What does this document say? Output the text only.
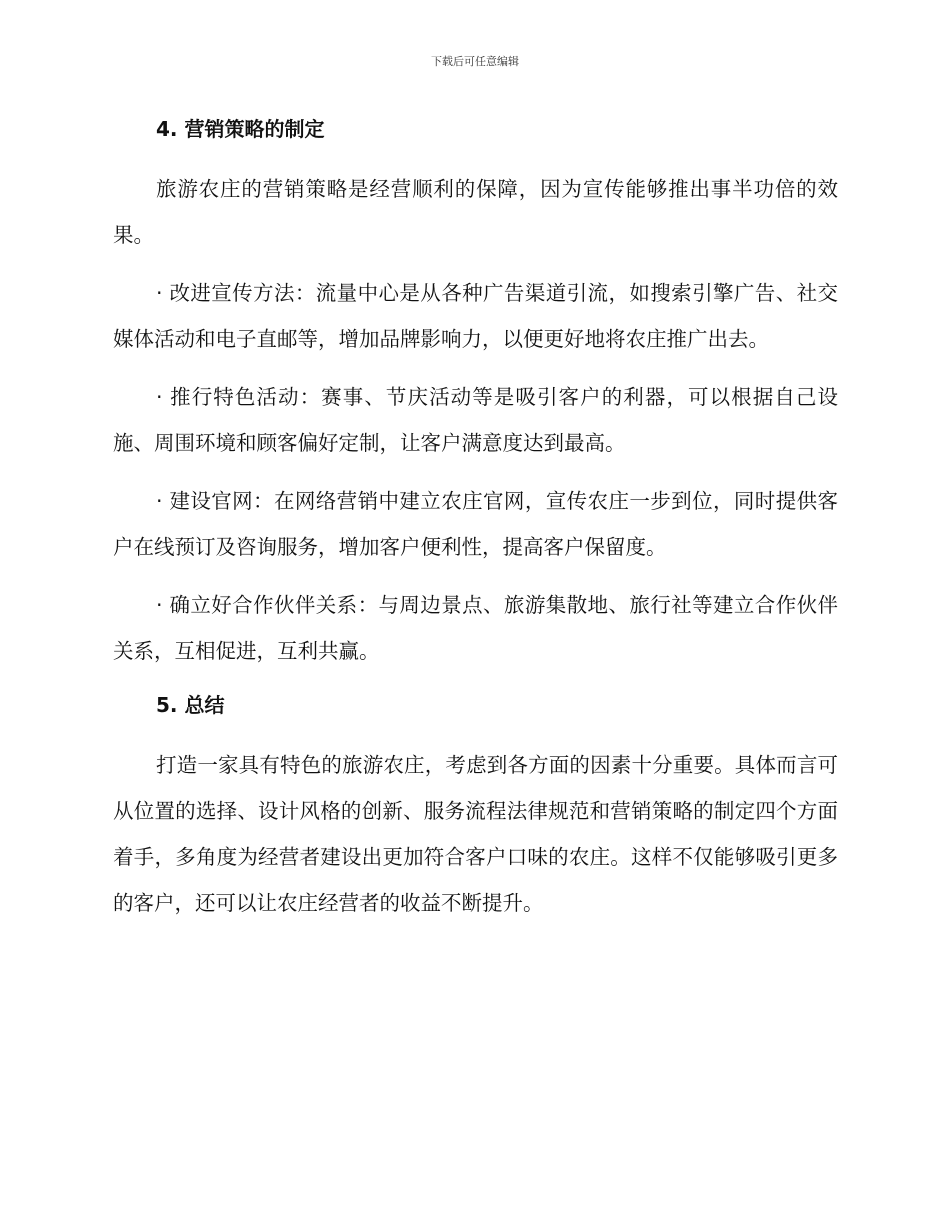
下载后可任意编辑
4. 营销策略的制定

旅游农庄的营销策略是经营顺利的保障，因为宣传能够推出事半功倍的效果。

· 改进宣传方法：流量中心是从各种广告渠道引流，如搜索引擎广告、社交媒体活动和电子直邮等，增加品牌影响力，以便更好地将农庄推广出去。

· 推行特色活动：赛事、节庆活动等是吸引客户的利器，可以根据自己设施、周围环境和顾客偏好定制，让客户满意度达到最高。

· 建设官网：在网络营销中建立农庄官网，宣传农庄一步到位，同时提供客户在线预订及咨询服务，增加客户便利性，提高客户保留度。

· 确立好合作伙伴关系：与周边景点、旅游集散地、旅行社等建立合作伙伴关系，互相促进，互利共赢。

5. 总结

打造一家具有特色的旅游农庄，考虑到各方面的因素十分重要。具体而言可从位置的选择、设计风格的创新、服务流程法律规范和营销策略的制定四个方面着手，多角度为经营者建设出更加符合客户口味的农庄。这样不仅能够吸引更多的客户，还可以让农庄经营者的收益不断提升。
